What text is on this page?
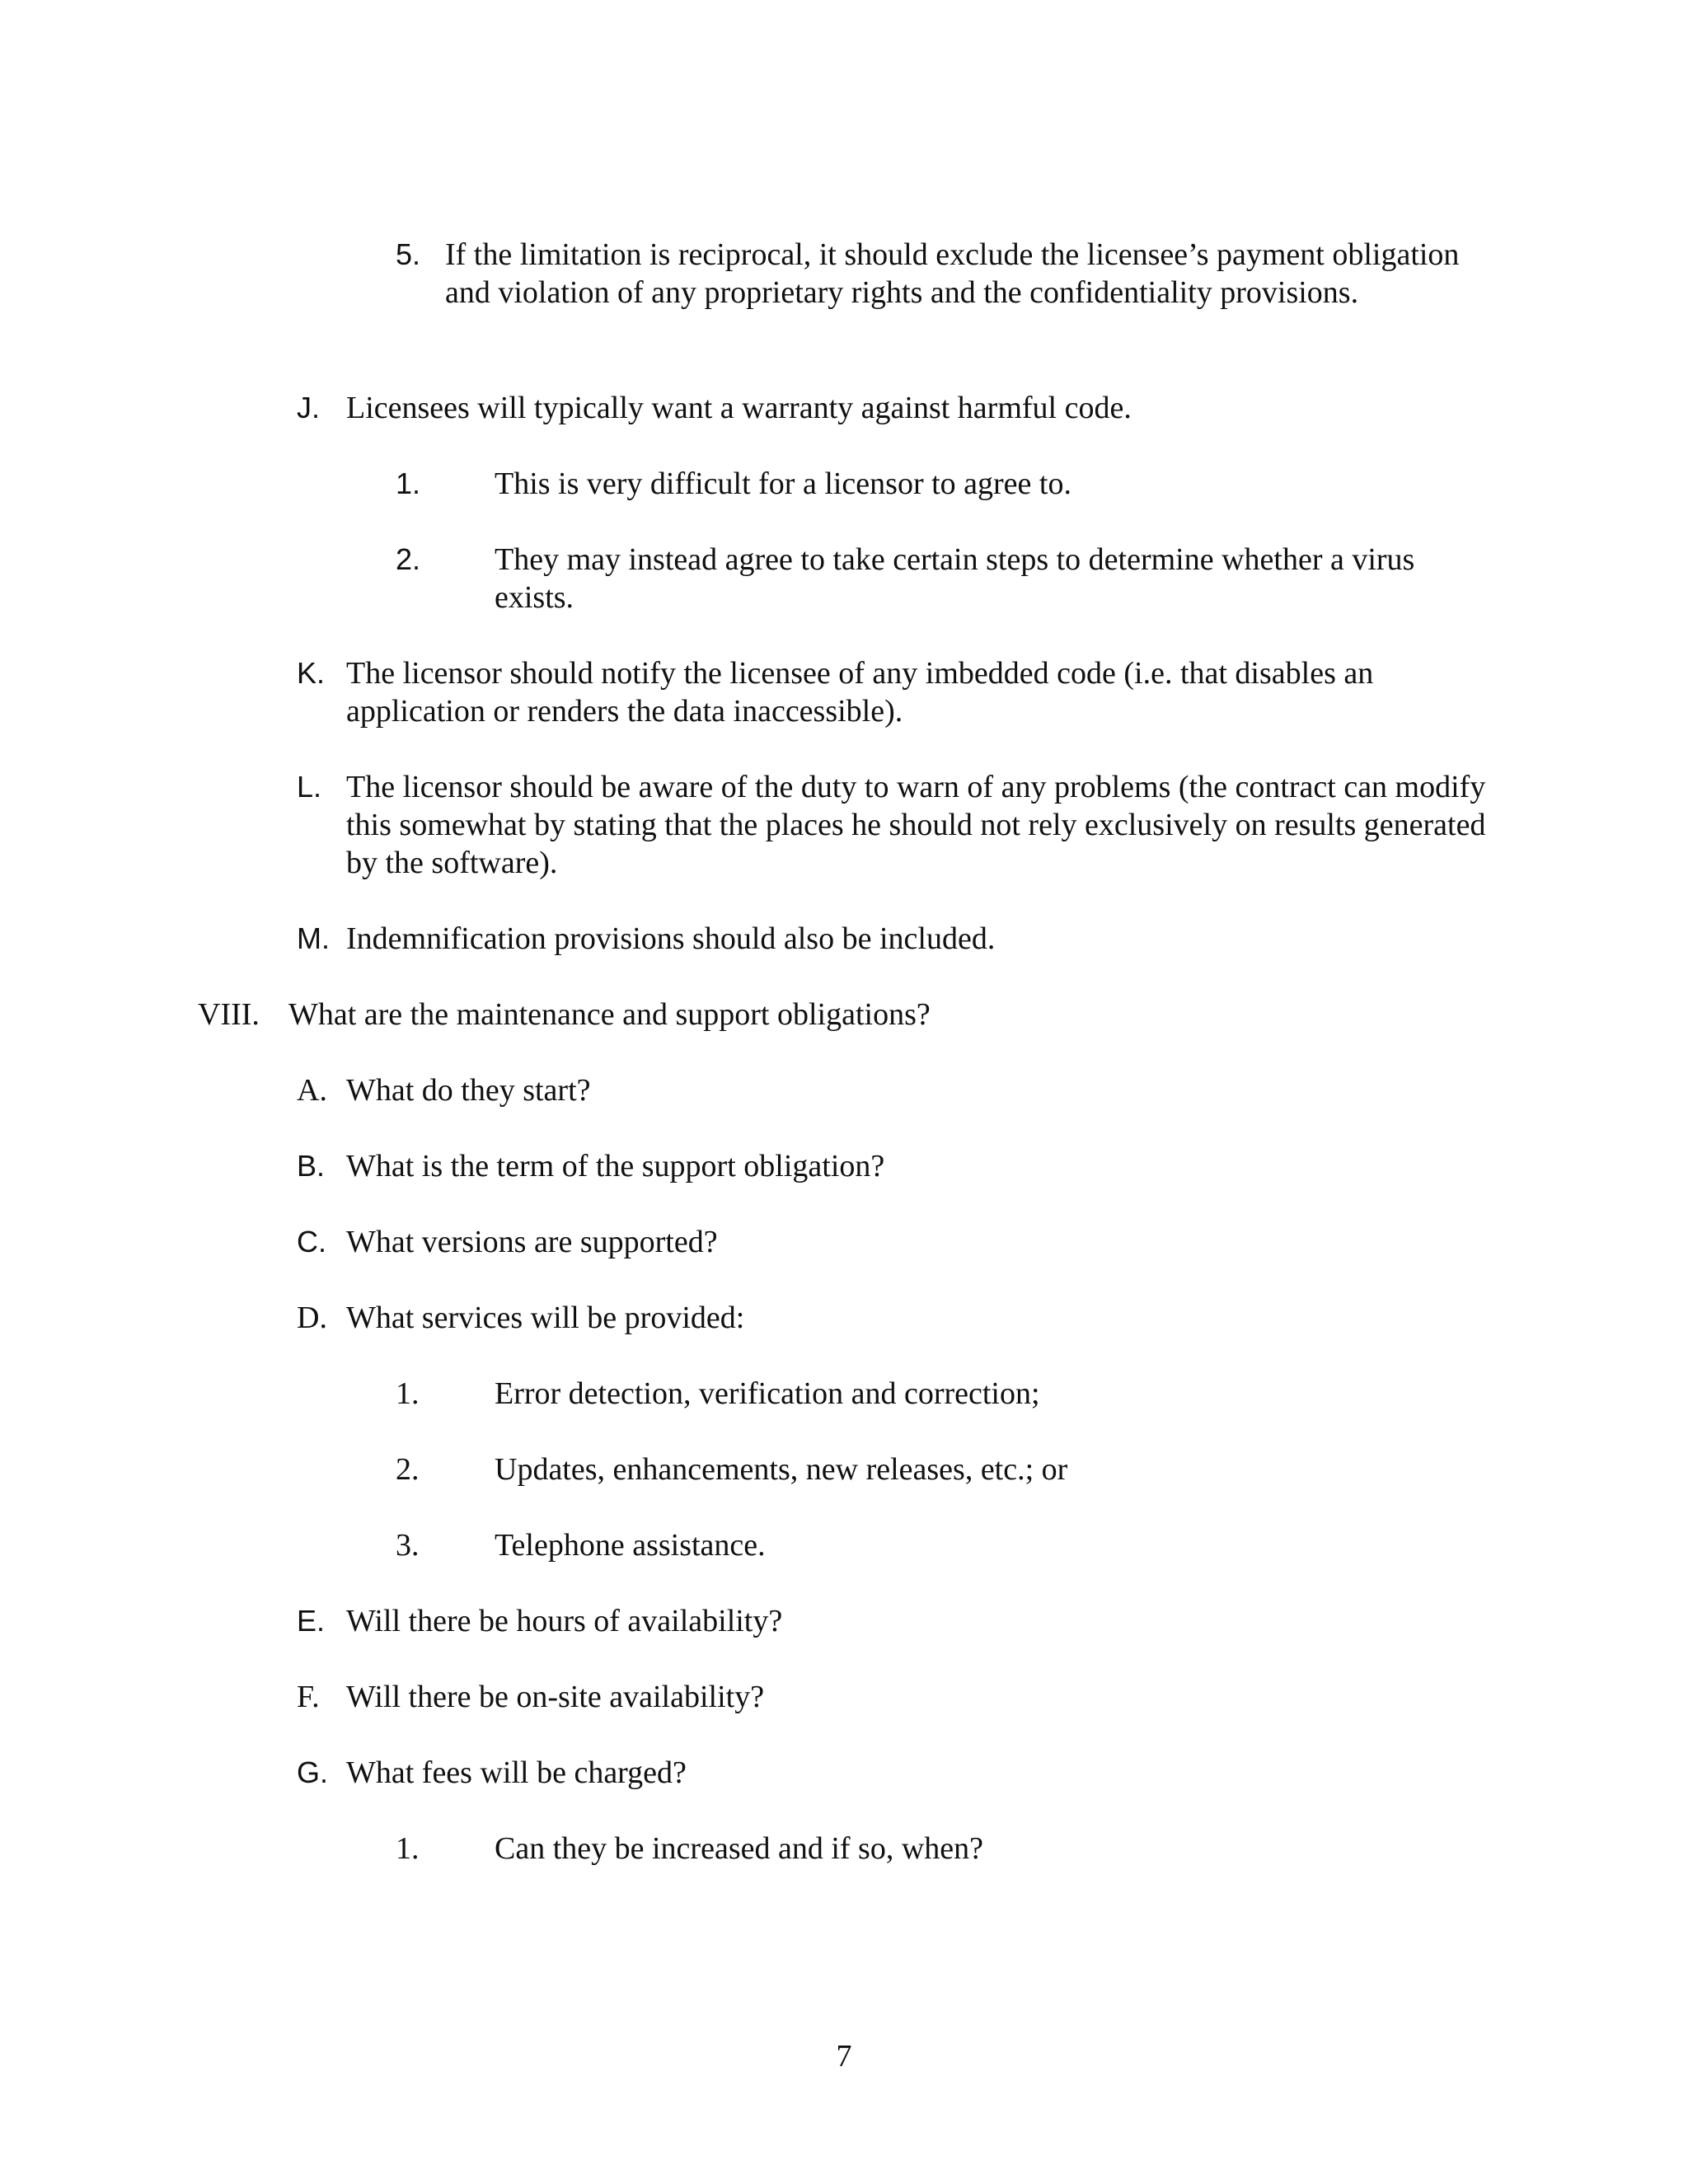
5. If the limitation is reciprocal, it should exclude the licensee’s payment obligation and violation of any proprietary rights and the confidentiality provisions.
J. Licensees will typically want a warranty against harmful code.
1. This is very difficult for a licensor to agree to.
2. They may instead agree to take certain steps to determine whether a virus exists.
K. The licensor should notify the licensee of any imbedded code (i.e. that disables an application or renders the data inaccessible).
L. The licensor should be aware of the duty to warn of any problems (the contract can modify this somewhat by stating that the places he should not rely exclusively on results generated by the software).
M. Indemnification provisions should also be included.
VIII. What are the maintenance and support obligations?
A. What do they start?
B. What is the term of the support obligation?
C. What versions are supported?
D. What services will be provided:
1. Error detection, verification and correction;
2. Updates, enhancements, new releases, etc.; or
3. Telephone assistance.
E. Will there be hours of availability?
F. Will there be on-site availability?
G. What fees will be charged?
1. Can they be increased and if so, when?
7
